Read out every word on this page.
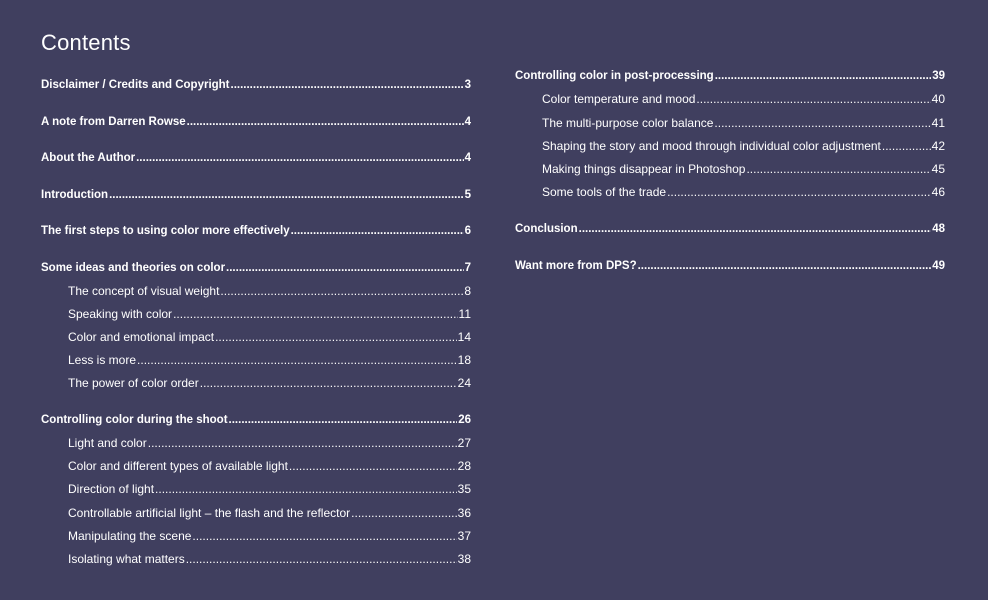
Contents
Disclaimer / Credits and Copyright .....	3
A note from Darren Rowse .....	4
About the Author .....	4
Introduction .....	5
The first steps to using color more effectively .....	6
Some ideas and theories on color .....	7
The concept of visual weight .....	8
Speaking with color .....	11
Color and emotional impact .....	14
Less is more .....	18
The power of color order .....	24
Controlling color during the shoot .....	26
Light and color .....	27
Color and different types of available light .....	28
Direction of light .....	35
Controllable artificial light – the flash and the reflector .....	36
Manipulating the scene .....	37
Isolating what matters .....	38
Controlling color in post-processing .....	39
Color temperature and mood .....	40
The multi-purpose color balance .....	41
Shaping the story and mood through individual color adjustment .....	42
Making things disappear in Photoshop .....	45
Some tools of the trade .....	46
Conclusion .....	48
Want more from DPS? .....	49
